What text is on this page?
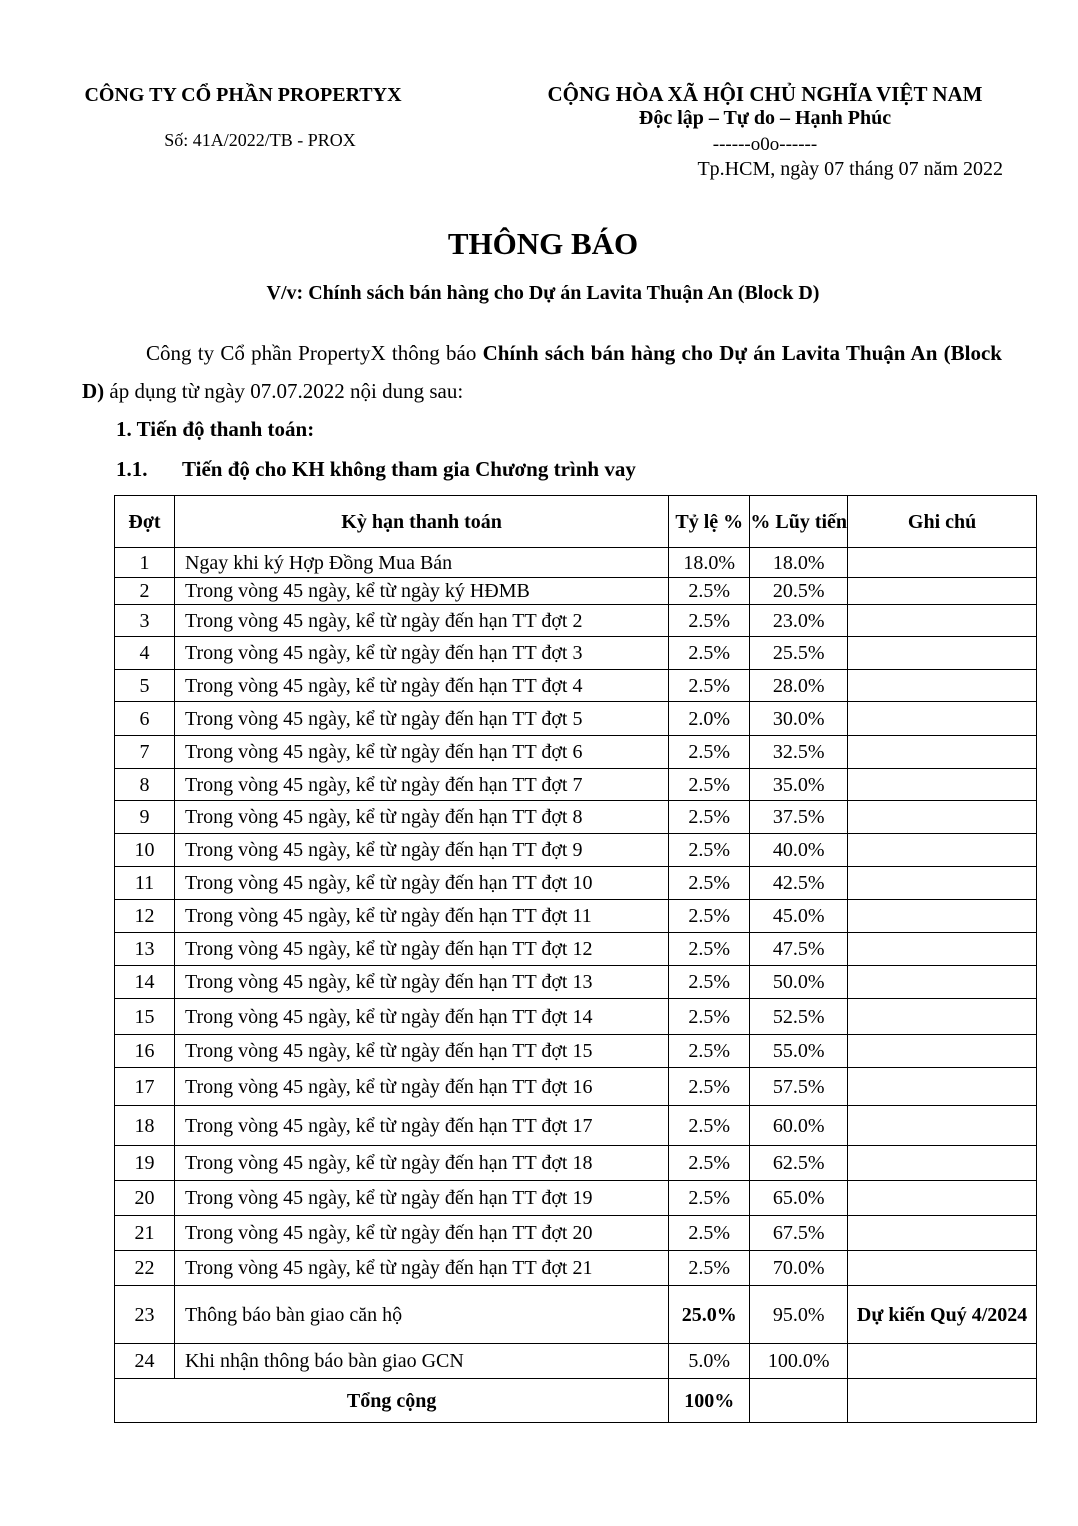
CÔNG TY CỔ PHẦN PROPERTYX
Số: 41A/2022/TB - PROX
CỘNG HÒA XÃ HỘI CHỦ NGHĨA VIỆT NAM
Độc lập – Tự do – Hạnh Phúc
------o0o------
Tp.HCM, ngày 07 tháng 07 năm 2022
THÔNG BÁO
V/v: Chính sách bán hàng cho Dự án Lavita Thuận An (Block D)

Công ty Cổ phần PropertyX thông báo Chính sách bán hàng cho Dự án Lavita Thuận An (Block D) áp dụng từ ngày 07.07.2022 nội dung sau:

1. Tiến độ thanh toán:
1.1. Tiến độ cho KH không tham gia Chương trình vay
Đợt	Kỳ hạn thanh toán	Tỷ lệ %	% Lũy tiến	Ghi chú
1	Ngay khi ký Hợp Đồng Mua Bán	18.0%	18.0%	
2	Trong vòng 45 ngày, kể từ ngày ký HĐMB	2.5%	20.5%	
3	Trong vòng 45 ngày, kể từ ngày đến hạn TT đợt 2	2.5%	23.0%	
4	Trong vòng 45 ngày, kể từ ngày đến hạn TT đợt 3	2.5%	25.5%	
5	Trong vòng 45 ngày, kể từ ngày đến hạn TT đợt 4	2.5%	28.0%	
6	Trong vòng 45 ngày, kể từ ngày đến hạn TT đợt 5	2.0%	30.0%	
7	Trong vòng 45 ngày, kể từ ngày đến hạn TT đợt 6	2.5%	32.5%	
8	Trong vòng 45 ngày, kể từ ngày đến hạn TT đợt 7	2.5%	35.0%	
9	Trong vòng 45 ngày, kể từ ngày đến hạn TT đợt 8	2.5%	37.5%	
10	Trong vòng 45 ngày, kể từ ngày đến hạn TT đợt 9	2.5%	40.0%	
11	Trong vòng 45 ngày, kể từ ngày đến hạn TT đợt 10	2.5%	42.5%	
12	Trong vòng 45 ngày, kể từ ngày đến hạn TT đợt 11	2.5%	45.0%	
13	Trong vòng 45 ngày, kể từ ngày đến hạn TT đợt 12	2.5%	47.5%	
14	Trong vòng 45 ngày, kể từ ngày đến hạn TT đợt 13	2.5%	50.0%	
15	Trong vòng 45 ngày, kể từ ngày đến hạn TT đợt 14	2.5%	52.5%	
16	Trong vòng 45 ngày, kể từ ngày đến hạn TT đợt 15	2.5%	55.0%	
17	Trong vòng 45 ngày, kể từ ngày đến hạn TT đợt 16	2.5%	57.5%	
18	Trong vòng 45 ngày, kể từ ngày đến hạn TT đợt 17	2.5%	60.0%	
19	Trong vòng 45 ngày, kể từ ngày đến hạn TT đợt 18	2.5%	62.5%	
20	Trong vòng 45 ngày, kể từ ngày đến hạn TT đợt 19	2.5%	65.0%	
21	Trong vòng 45 ngày, kể từ ngày đến hạn TT đợt 20	2.5%	67.5%	
22	Trong vòng 45 ngày, kể từ ngày đến hạn TT đợt 21	2.5%	70.0%	
23	Thông báo bàn giao căn hộ	25.0%	95.0%	Dự kiến Quý 4/2024
24	Khi nhận thông báo bàn giao GCN	5.0%	100.0%	
Tổng cộng		100%		
